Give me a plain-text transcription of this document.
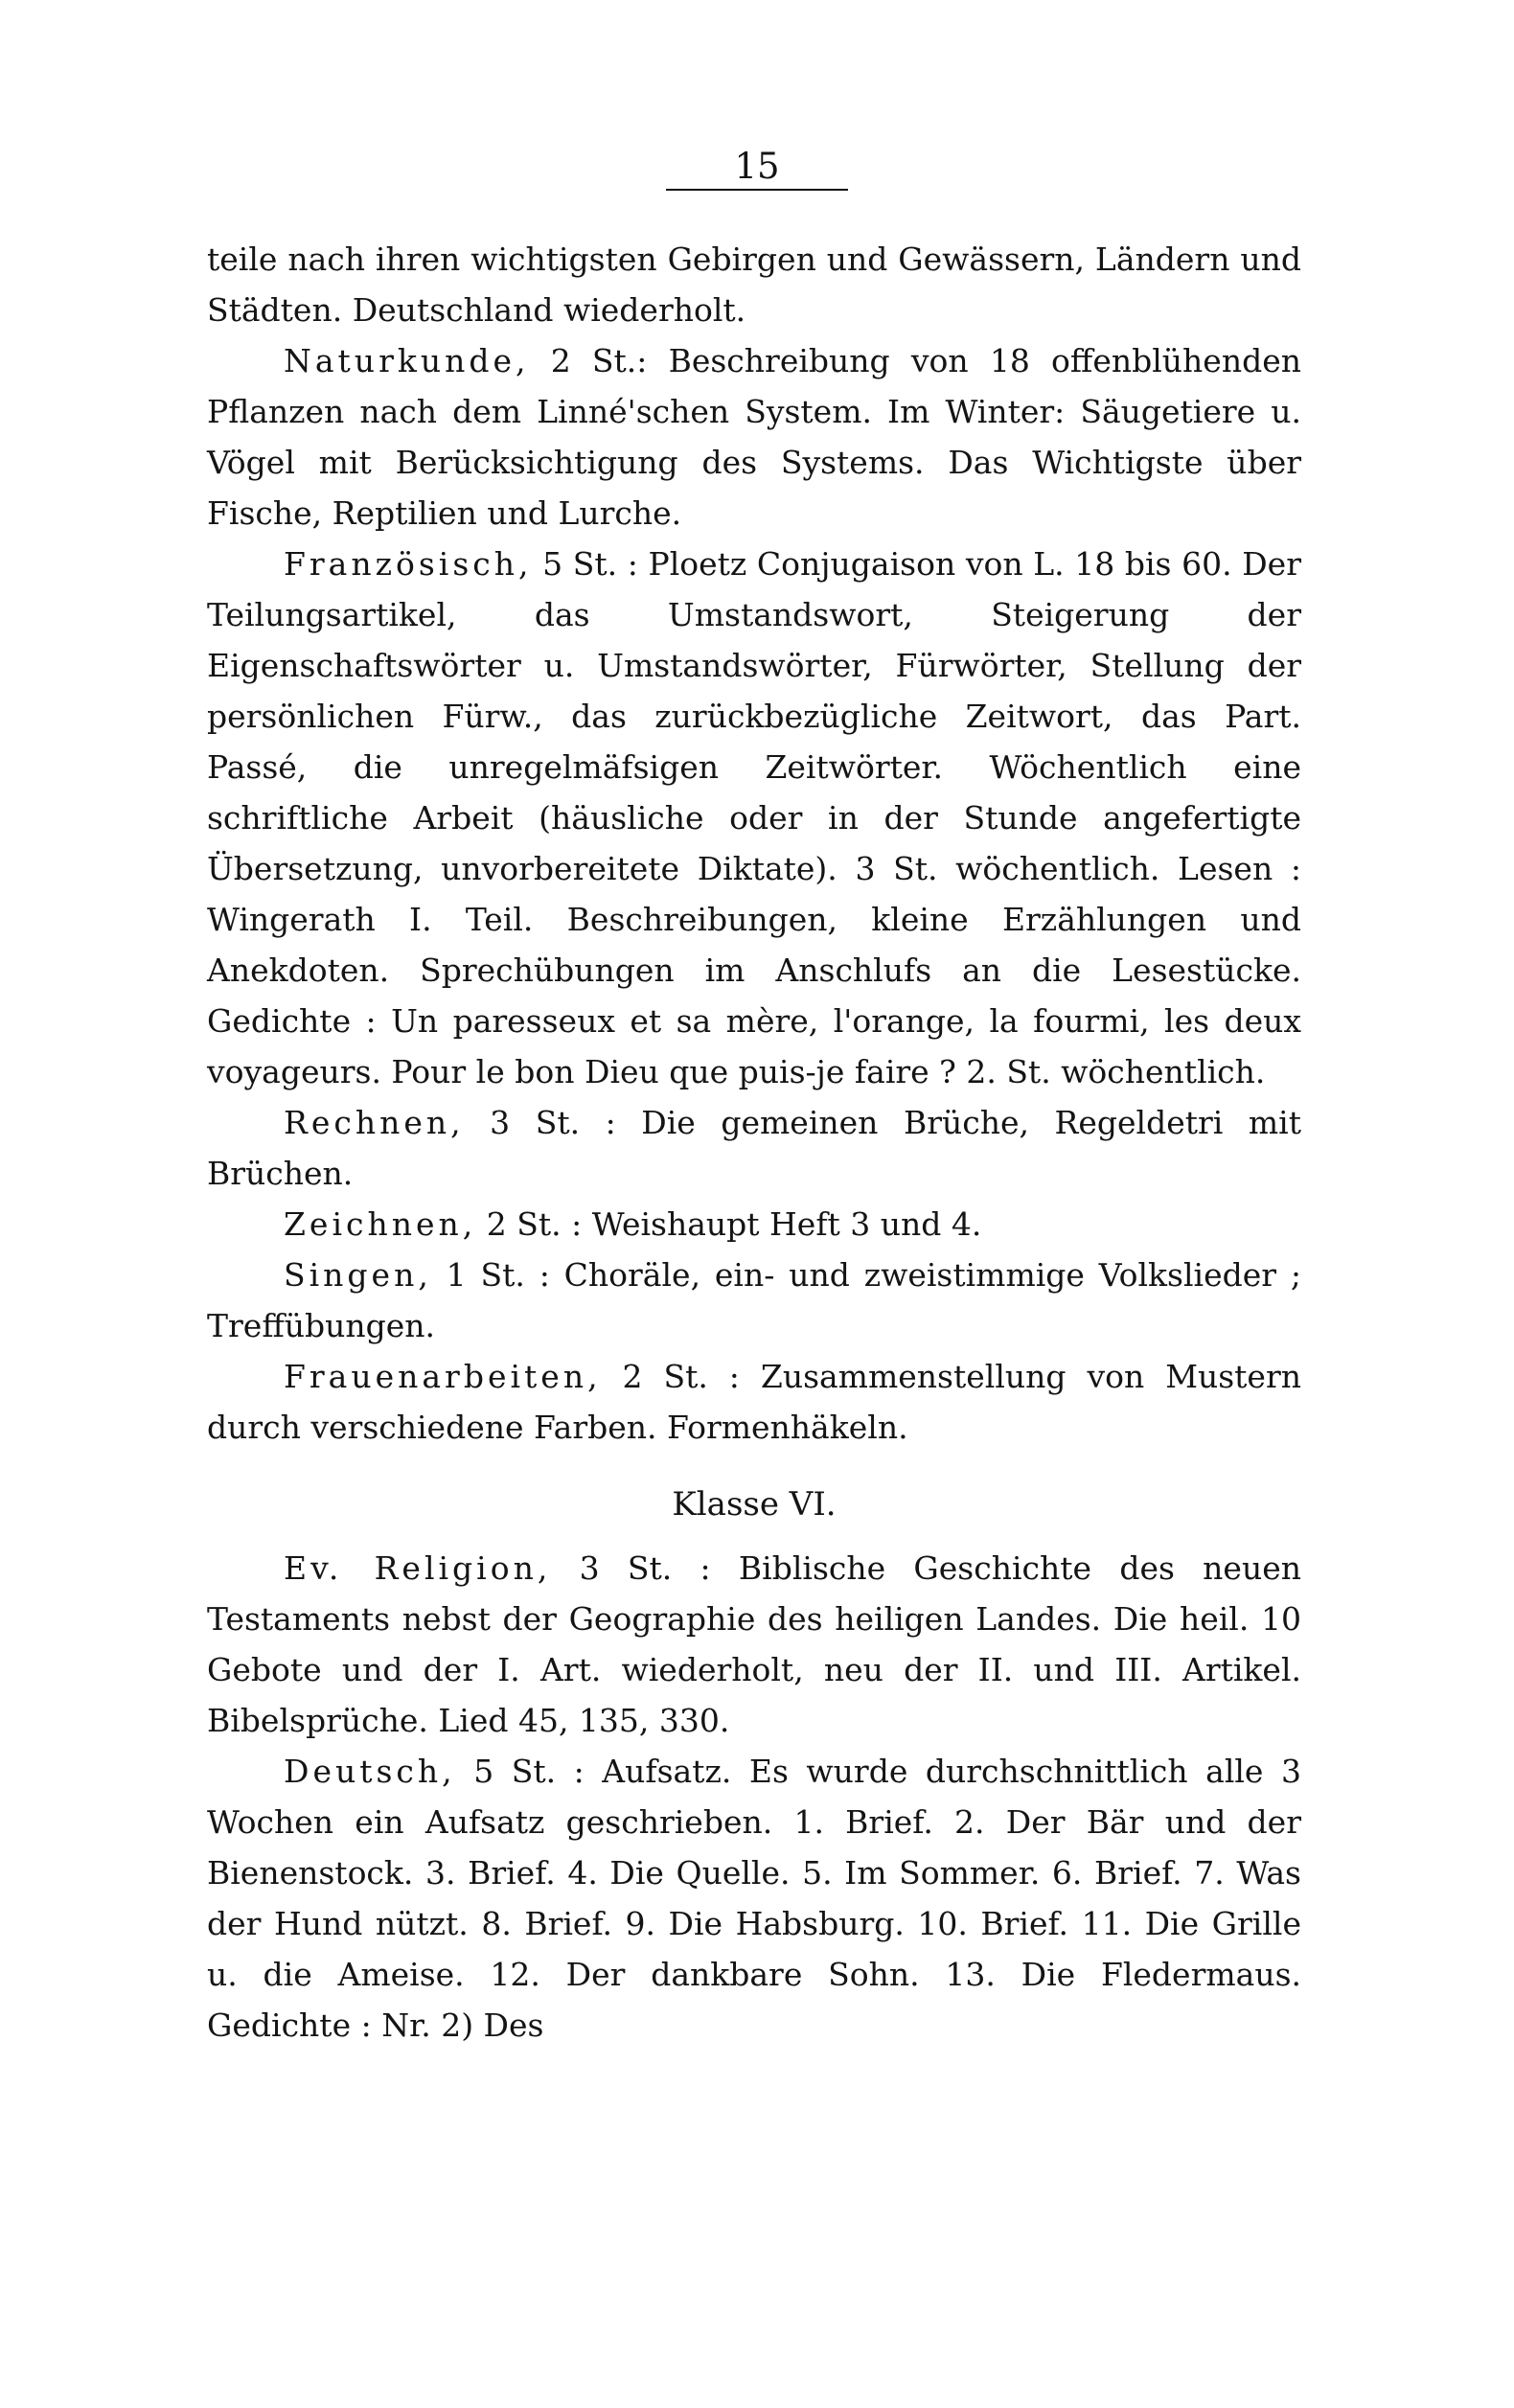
15

teile nach ihren wichtigsten Gebirgen und Gewässern, Ländern und Städten. Deutschland wiederholt.

Naturkunde, 2 St.: Beschreibung von 18 offenblühenden Pflanzen nach dem Linné'schen System. Im Winter: Säugetiere u. Vögel mit Berücksichtigung des Systems. Das Wichtigste über Fische, Reptilien und Lurche.

Französisch, 5 St. : Ploetz Conjugaison von L. 18 bis 60. Der Teilungsartikel, das Umstandswort, Steigerung der Eigenschaftswörter u. Umstandswörter, Fürwörter, Stellung der persönlichen Fürw., das zurückbezügliche Zeitwort, das Part. Passé, die unregelmäfsigen Zeitwörter. Wöchentlich eine schriftliche Arbeit (häusliche oder in der Stunde angefertigte Übersetzung, unvorbereitete Diktate). 3 St. wöchentlich. Lesen : Wingerath I. Teil. Beschreibungen, kleine Erzählungen und Anekdoten. Sprechübungen im Anschlufs an die Lesestücke. Gedichte : Un paresseux et sa mère, l'orange, la fourmi, les deux voyageurs. Pour le bon Dieu que puis-je faire ? 2. St. wöchentlich.

Rechnen, 3 St. : Die gemeinen Brüche, Regeldetri mit Brüchen.

Zeichnen, 2 St. : Weishaupt Heft 3 und 4.

Singen, 1 St. : Choräle, ein- und zweistimmige Volkslieder ; Treffübungen.

Frauenarbeiten, 2 St. : Zusammenstellung von Mustern durch verschiedene Farben. Formenhäkeln.

Klasse VI.

Ev. Religion, 3 St. : Biblische Geschichte des neuen Testaments nebst der Geographie des heiligen Landes. Die heil. 10 Gebote und der I. Art. wiederholt, neu der II. und III. Artikel. Bibelsprüche. Lied 45, 135, 330.

Deutsch, 5 St. : Aufsatz. Es wurde durchschnittlich alle 3 Wochen ein Aufsatz geschrieben. 1. Brief. 2. Der Bär und der Bienenstock. 3. Brief. 4. Die Quelle. 5. Im Sommer. 6. Brief. 7. Was der Hund nützt. 8. Brief. 9. Die Habsburg. 10. Brief. 11. Die Grille u. die Ameise. 12. Der dankbare Sohn. 13. Die Fledermaus. Gedichte : Nr. 2) Des
